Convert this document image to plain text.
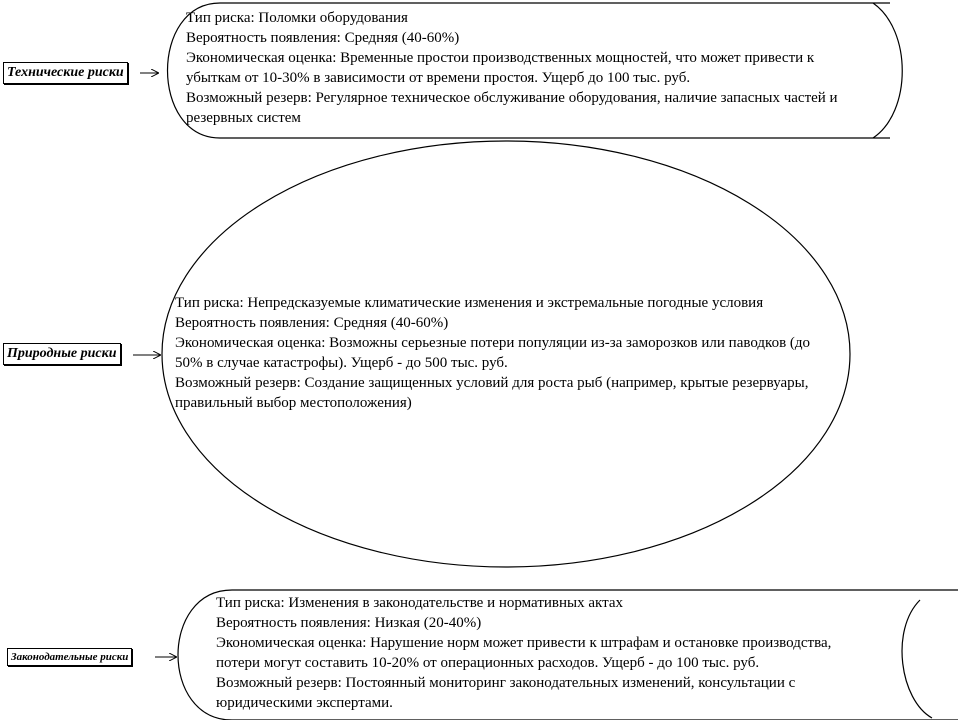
Технические риски
Природные риски
Законодательные риски
Тип риска: Поломки оборудования
Вероятность появления: Средняя (40-60%)
Экономическая оценка: Временные простои производственных мощностей, что может привести к
убыткам от 10-30% в зависимости от времени простоя. Ущерб до 100 тыс. руб.
Возможный резерв: Регулярное техническое обслуживание оборудования, наличие запасных частей и
резервных систем
Тип риска: Непредсказуемые климатические изменения и экстремальные погодные условия
Вероятность появления: Средняя (40-60%)
Экономическая оценка: Возможны серьезные потери популяции из-за заморозков или паводков (до
50% в случае катастрофы). Ущерб - до 500 тыс. руб.
Возможный резерв: Создание защищенных условий для роста рыб (например, крытые резервуары,
правильный выбор местоположения)
Тип риска: Изменения в законодательстве и нормативных актах
Вероятность появления: Низкая (20-40%)
Экономическая оценка: Нарушение норм может привести к штрафам и остановке производства,
потери могут составить 10-20% от операционных расходов. Ущерб - до 100 тыс. руб.
Возможный резерв: Постоянный мониторинг законодательных изменений, консультации с
юридическими экспертами.
